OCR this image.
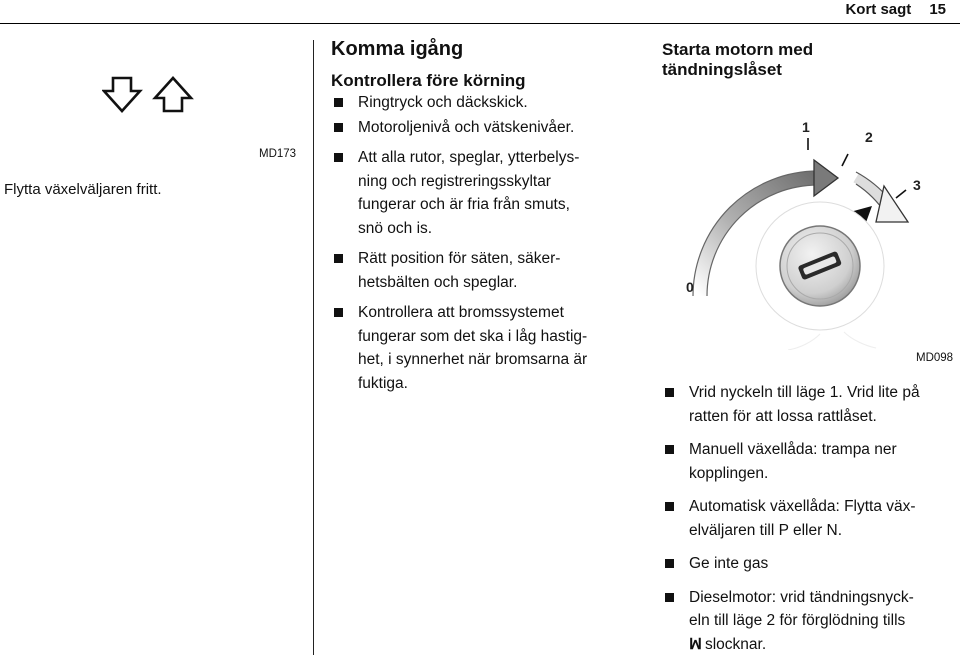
Kort sagt 15
Flytta växelväljaren fritt.
MD173
Komma igång
Kontrollera före körning
Ringtryck och däckskick.
Motoroljenivå och vätskenivåer.
Att alla rutor, speglar, ytterbelys-
ning och registreringsskyltar
fungerar och är fria från smuts,
snö och is.
Rätt position för säten, säker-
hetsbälten och speglar.
Kontrollera att bromssystemet
fungerar som det ska i låg hastig-
het, i synnerhet när bromsarna är
fuktiga.
Starta motorn med
tändningslåset
1
2
3
0
MD098
Vrid nyckeln till läge 1. Vrid lite på
ratten för att lossa rattlåset.
Manuell växellåda: trampa ner
kopplingen.
Automatisk växellåda: Flytta väx-
elväljaren till P eller N.
Ge inte gas
Dieselmotor: vrid tändningsnyck-
eln till läge 2 för förglödning tills
ꟽ slocknar.
